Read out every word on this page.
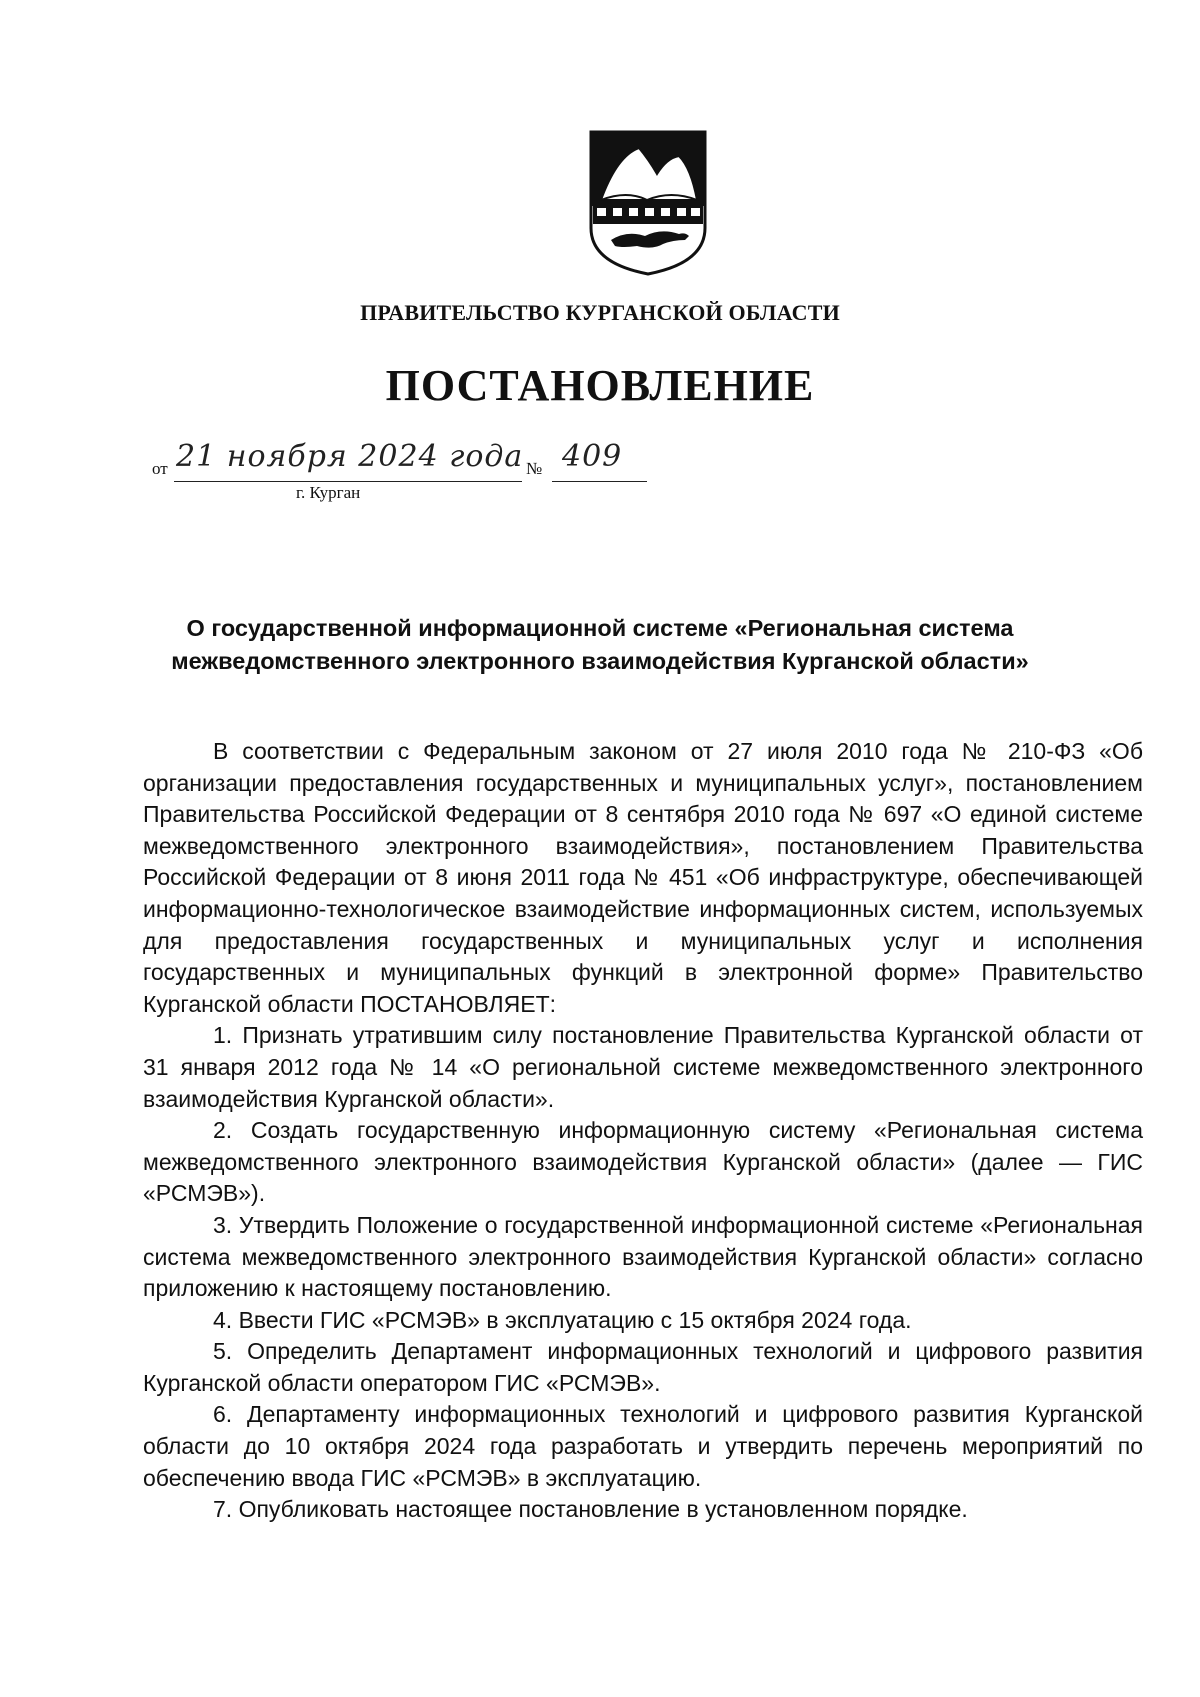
ПРАВИТЕЛЬСТВО КУРГАНСКОЙ ОБЛАСТИ
ПОСТАНОВЛЕНИЕ
от 21 ноября 2024 года № 409
г. Курган
О государственной информационной системе «Региональная система
межведомственного электронного взаимодействия Курганской области»

В соответствии с Федеральным законом от 27 июля 2010 года № 210-ФЗ «Об организации предоставления государственных и муниципальных услуг», постановлением Правительства Российской Федерации от 8 сентября 2010 года № 697 «О единой системе межведомственного электронного взаимодействия», постановлением Правительства Российской Федерации от 8 июня 2011 года № 451 «Об инфраструктуре, обеспечивающей информационно-технологическое взаимодействие информационных систем, используемых для предоставления государственных и муниципальных услуг и исполнения государственных и муниципальных функций в электронной форме» Правительство Курганской области ПОСТАНОВЛЯЕТ:

1. Признать утратившим силу постановление Правительства Курганской области от 31 января 2012 года № 14 «О региональной системе межведомственного электронного взаимодействия Курганской области».

2. Создать государственную информационную систему «Региональная система межведомственного электронного взаимодействия Курганской области» (далее — ГИС «РСМЭВ»).

3. Утвердить Положение о государственной информационной системе «Региональная система межведомственного электронного взаимодействия Курганской области» согласно приложению к настоящему постановлению.

4. Ввести ГИС «РСМЭВ» в эксплуатацию с 15 октября 2024 года.

5. Определить Департамент информационных технологий и цифрового развития Курганской области оператором ГИС «РСМЭВ».

6. Департаменту информационных технологий и цифрового развития Курганской области до 10 октября 2024 года разработать и утвердить перечень мероприятий по обеспечению ввода ГИС «РСМЭВ» в эксплуатацию.

7. Опубликовать настоящее постановление в установленном порядке.
